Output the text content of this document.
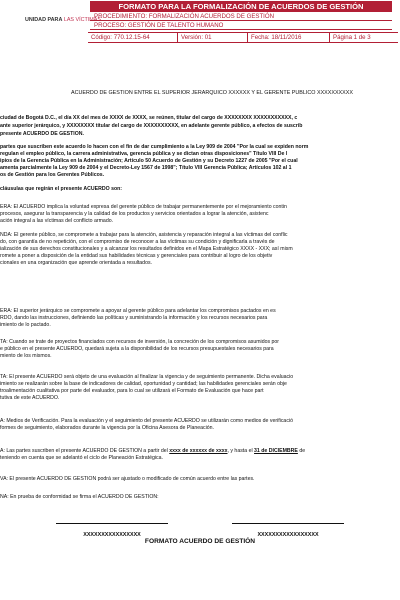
UNIDAD PARA LAS VÍCTIMAS
FORMATO PARA LA FORMALIZACIÓN DE ACUERDOS DE GESTIÓN
PROCEDIMIENTO: FORMALIZACIÓN ACUERDOS DE GESTIÓN
PROCESO: GESTIÓN DE TALENTO HUMANO
Código: 770.12.15-64	Versión: 01	Fecha: 18/11/2016	Página 1 de 3
ACUERDO DE GESTIÓN ENTRE EL SUPERIOR JERÁRQUICO XXXXXX Y EL GERENTE PÚBLICO XXXXXXXXXX
ciudad de Bogotá D.C., el día XX del mes de XXXX de XXXX, se reúnen, titular del cargo de XXXXXXXX XXXXXXXXXXX, c
ante superior jerárquico, y XXXXXXXX titular del cargo de XXXXXXXXXX, en adelante gerente público, a efectos de suscrib
presente ACUERDO DE GESTIÓN.
partes que suscriben este acuerdo lo hacen con el fin de dar cumplimiento a la Ley 909 de 2004 "Por la cual se expiden norm
regulan el empleo público, la carrera administrativa, gerencia pública y se dictan otras disposiciones" Título VIII De l
ipios de la Gerencia Pública en la Administración; Artículo 50 Acuerdo de Gestión y su Decreto 1227 de 2005 "Por el cual
amenta parcialmente la Ley 909 de 2004 y el Decreto-Ley 1567 de 1998"; Título VIII Gerencia Pública; Artículos 102 al 1
os de Gestión para los Gerentes Públicos.
cláusulas que regirán el presente ACUERDO son:
ERA: El ACUERDO implica la voluntad expresa del gerente público de trabajar permanentemente por el mejoramiento contin
procesos, asegurar la transparencia y la calidad de los productos y servicios orientados a lograr la atención, asistenc
ación integral a las víctimas del conflicto armado.
NDA: El gerente público, se compromete a trabajar para la atención, asistencia y reparación integral a las víctimas del conflic
do, con garantía de no repetición, con el compromiso de reconocer a las víctimas su condición y dignificarla a través de
ialización de sus derechos constitucionales y a alcanzar los resultados definidos en el Mapa Estratégico XXXX - XXX; así mism
romete a poner a disposición de la entidad sus habilidades técnicas y gerenciales para contribuir al logro de los objetiv
cionales en una organización que aprende orientada a resultados.
ERA: El superior jerárquico se compromete a apoyar al gerente público para adelantar los compromisos pactados en es
RDO, dando las instrucciones, definiendo las políticas y suministrando la información y los recursos necesarios para
imiento de lo pactado.
TA: Cuando se trate de proyectos financiados con recursos de inversión, la concreción de los compromisos asumidos por
e público en el presente ACUERDO, quedará sujeta a la disponibilidad de los recursos presupuestales necesarios para
miento de los mismos.
TA: El presente ACUERDO será objeto de una evaluación al finalizar la vigencia y de seguimiento permanente. Dicha evaluacio
imiento se realizarán sobre la base de indicadores de calidad, oportunidad y cantidad; las habilidades gerenciales serán obje
troalimentación cualitativa por parte del evaluador, para lo cual se utilizará el Formato de Evaluación que hace part
tutiva de este ACUERDO.
A: Medios de Verificación. Para la evaluación y el seguimiento del presente ACUERDO se utilizarán como medios de verificació
formes de seguimiento, elaborados durante la vigencia por la Oficina Asesora de Planeación.
A: Las partes suscriben el presente ACUERDO DE GESTIÓN a partir del xxxx de xxxxxx de xxxx, y hasta el 31 de DICIEMBRE de
teniendo en cuenta que se adelantó el ciclo de Planeación Estratégica.
VA: El presente ACUERDO DE GESTIÓN podrá ser ajustado o modificado de común acuerdo entre las partes.
NA: En prueba de conformidad se firma el ACUERDO DE GESTIÓN:
XXXXXXXXXXXXXXXX	XXXXXXXXXXXXXXXXX
FORMATO ACUERDO DE GESTIÓN
